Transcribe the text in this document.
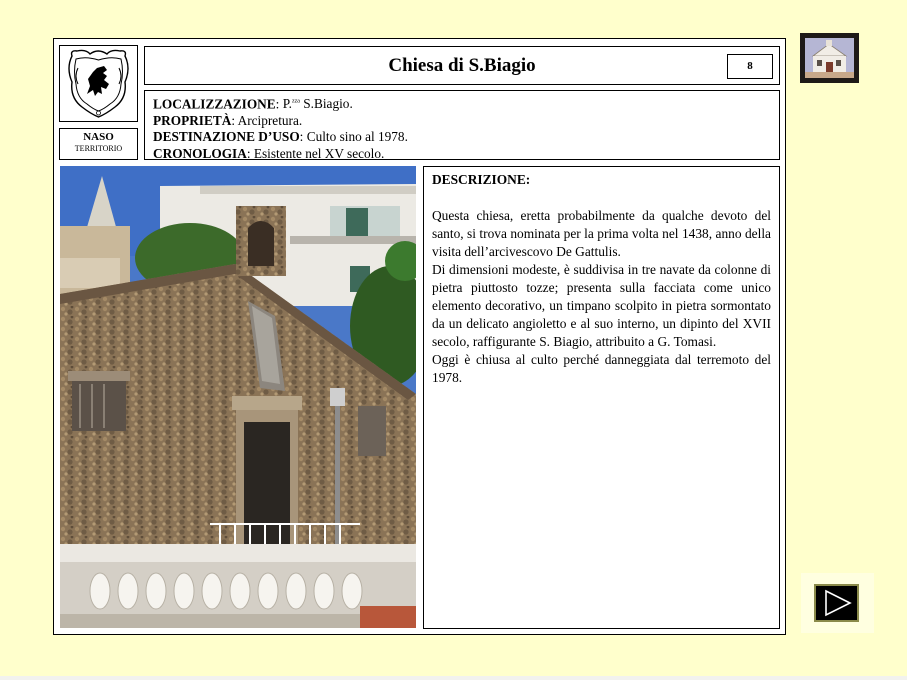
NASO
TERRITORIO
Chiesa di S.Biagio	8
LOCALIZZAZIONE: P.$^{zza}$ S.Biagio.
PROPRIETÀ: Arcipretura.
DESTINAZIONE D’USO: Culto sino al 1978.
CRONOLOGIA: Esistente nel XV secolo.
DESCRIZIONE:
Questa chiesa, eretta probabilmente da qualche devoto del santo, si trova nominata per la prima volta nel 1438, anno della visita dell’arcivescovo De Gattulis.
Di dimensioni modeste, è suddivisa in tre navate da colonne di pietra piuttosto tozze; presenta sulla facciata come unico elemento decorativo, un timpano scolpito in pietra sormontato da un delicato angioletto e al suo interno, un dipinto del XVII secolo, raffigurante S. Biagio, attribuito a G. Tomasi.
Oggi è chiusa al culto perché danneggiata dal terremoto del 1978.
